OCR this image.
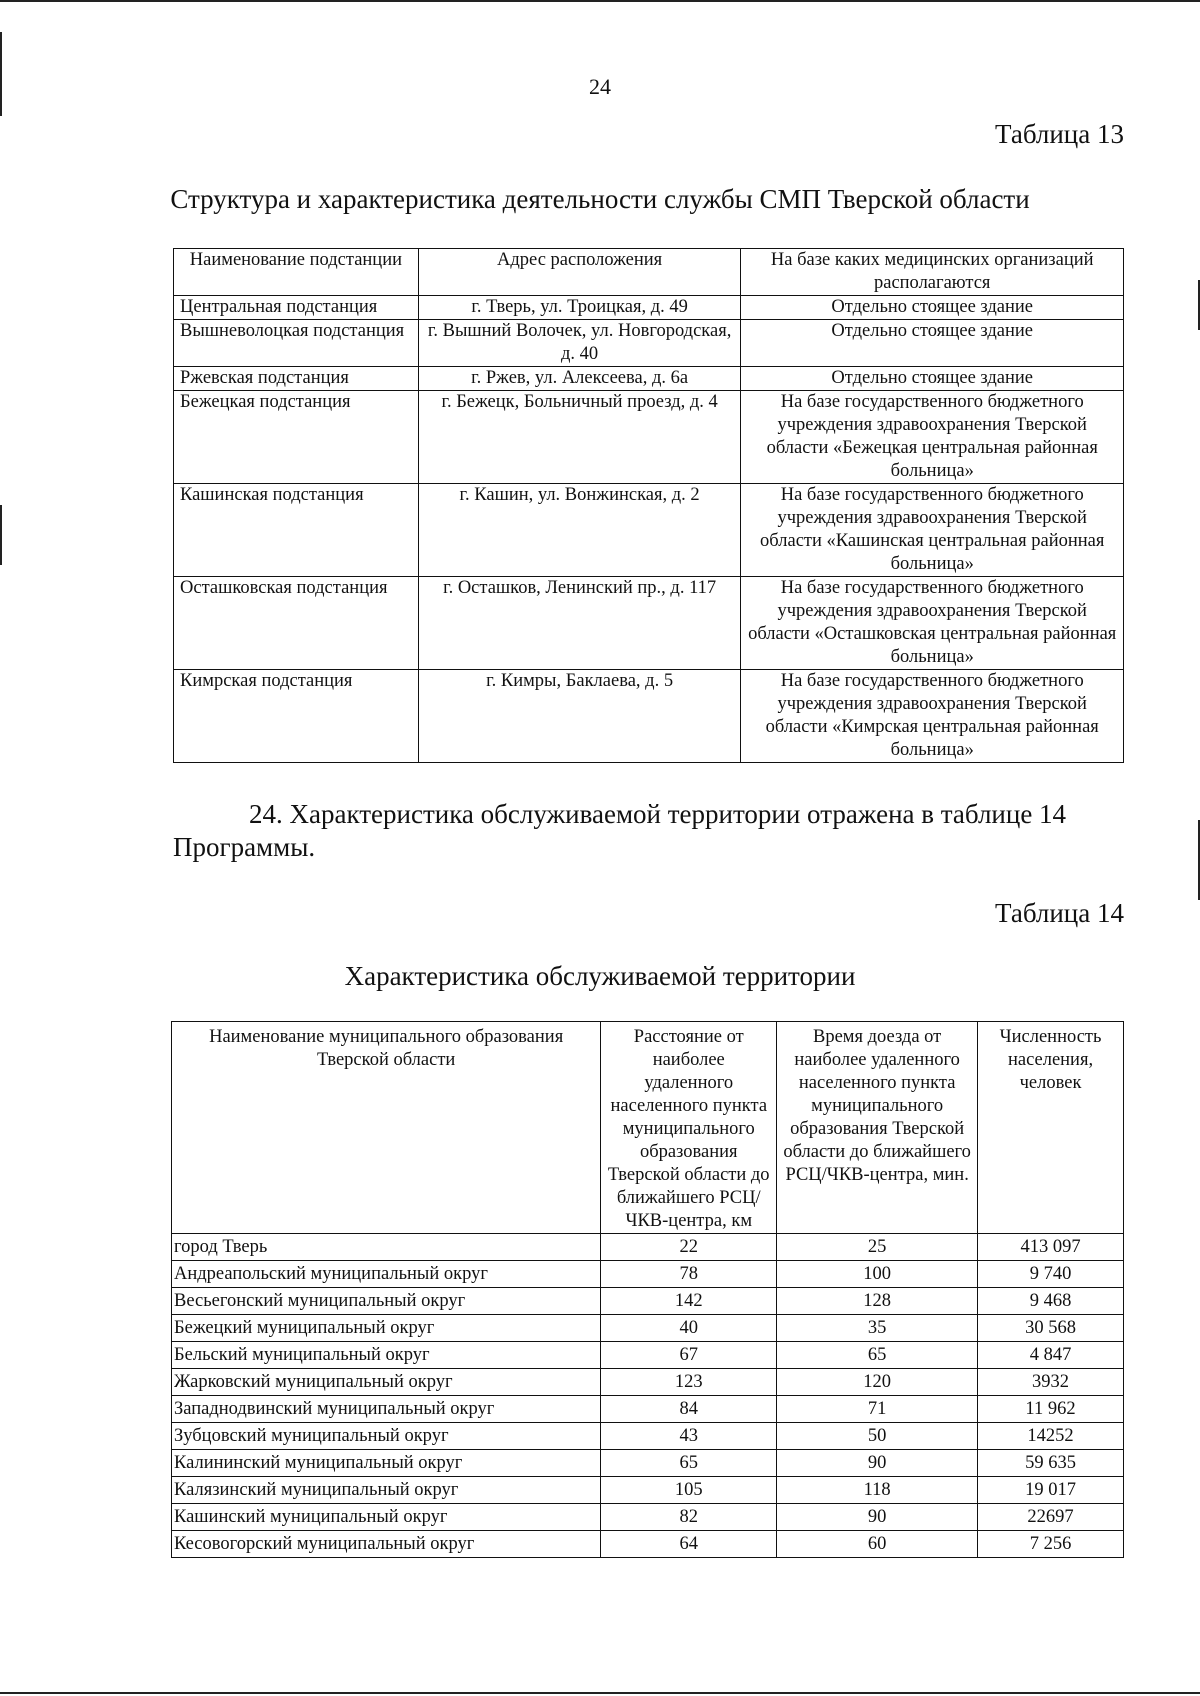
24
Таблица 13
Структура и характеристика деятельности службы СМП Тверской области
Наименование подстанции	Адрес расположения	На базе каких медицинских организаций располагаются
Центральная подстанция	г. Тверь, ул. Троицкая, д. 49	Отдельно стоящее здание
Вышневолоцкая подстанция	г. Вышний Волочек, ул. Новгородская, д. 40	Отдельно стоящее здание
Ржевская подстанция	г. Ржев, ул. Алексеева, д. 6а	Отдельно стоящее здание
Бежецкая подстанция	г. Бежецк, Больничный проезд, д. 4	На базе государственного бюджетного учреждения здравоохранения Тверской области «Бежецкая центральная районная больница»
Кашинская подстанция	г. Кашин, ул. Вонжинская, д. 2	На базе государственного бюджетного учреждения здравоохранения Тверской области «Кашинская центральная районная больница»
Осташковская подстанция	г. Осташков, Ленинский пр., д. 117	На базе государственного бюджетного учреждения здравоохранения Тверской области «Осташковская центральная районная больница»
Кимрская подстанция	г. Кимры, Баклаева, д. 5	На базе государственного бюджетного учреждения здравоохранения Тверской области «Кимрская центральная районная больница»
24. Характеристика обслуживаемой территории отражена в таблице 14 Программы.
Таблица 14
Характеристика обслуживаемой территории
Наименование муниципального образования Тверской области	Расстояние от наиболее удаленного населенного пункта муниципального образования Тверской области до ближайшего РСЦ/ЧКВ-центра, км	Время доезда от наиболее удаленного населенного пункта муниципального образования Тверской области до ближайшего РСЦ/ЧКВ-центра, мин.	Численность населения, человек
город Тверь	22	25	413 097
Андреапольский муниципальный округ	78	100	9 740
Весьегонский муниципальный округ	142	128	9 468
Бежецкий муниципальный округ	40	35	30 568
Бельский муниципальный округ	67	65	4 847
Жарковский муниципальный округ	123	120	3932
Западнодвинский муниципальный округ	84	71	11 962
Зубцовский муниципальный округ	43	50	14252
Калининский муниципальный округ	65	90	59 635
Калязинский муниципальный округ	105	118	19 017
Кашинский муниципальный округ	82	90	22697
Кесовогорский муниципальный округ	64	60	7 256
